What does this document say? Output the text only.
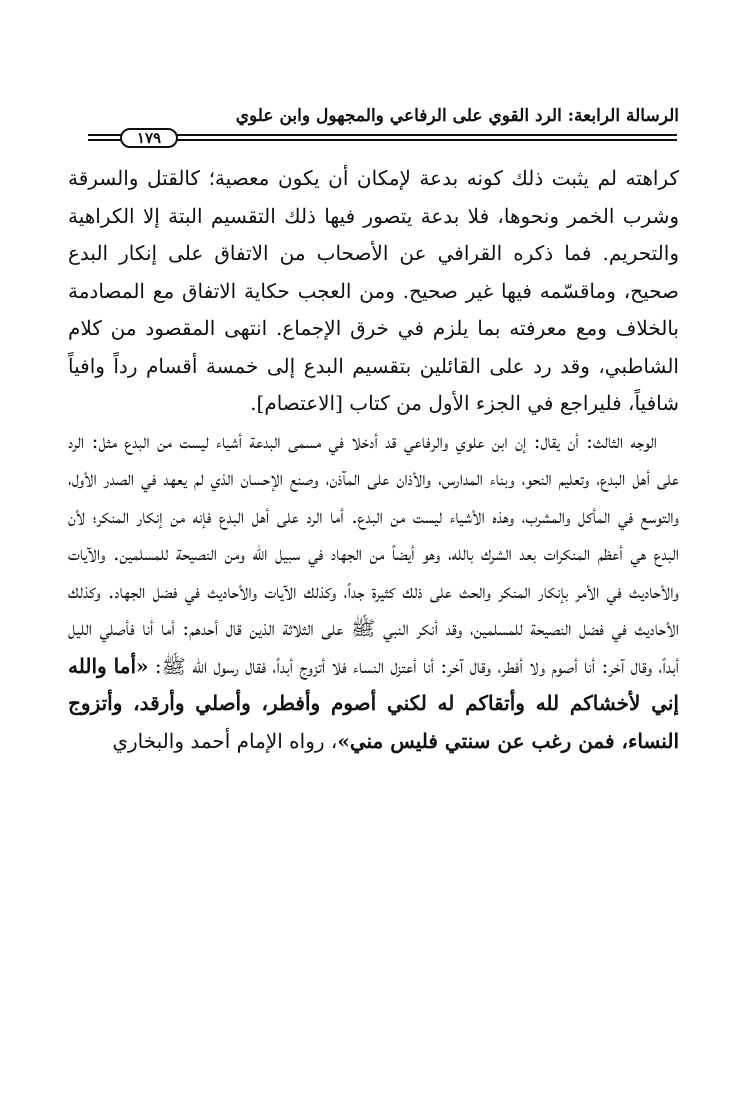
الرسالة الرابعة: الرد القوي على الرفاعي والمجهول وابن علوي
١٧٩

كراهته لم يثبت ذلك كونه بدعة لإمكان أن يكون معصية؛ كالقتل والسرقة وشرب الخمر ونحوها، فلا بدعة يتصور فيها ذلك التقسيم البتة إلا الكراهية والتحريم. فما ذكره القرافي عن الأصحاب من الاتفاق على إنكار البدع صحيح، وماقسّمه فيها غير صحيح. ومن العجب حكاية الاتفاق مع المصادمة بالخلاف ومع معرفته بما يلزم في خرق الإجماع. انتهى المقصود من كلام الشاطبي، وقد رد على القائلين بتقسيم البدع إلى خمسة أقسام رداً وافياً شافياً، فليراجع في الجزء الأول من كتاب [الاعتصام].

الوجه الثالث: أن يقال: إن ابن علوي والرفاعي قد أدخلا في مسمى البدعة أشياء ليست من البدع مثل: الرد على أهل البدع، وتعليم النحو، وبناء المدارس، والأذان على المآذن، وصنع الإحسان الذي لم يعهد في الصدر الأول، والتوسع في المأكل والمشرب، وهذه الأشياء ليست من البدع. أما الرد على أهل البدع فإنه من إنكار المنكر؛ لأن البدع هي أعظم المنكرات بعد الشرك بالله، وهو أيضاً من الجهاد في سبيل الله ومن النصيحة للمسلمين. والآيات والأحاديث في الأمر بإنكار المنكر والحث على ذلك كثيرة جداً، وكذلك الآيات والأحاديث في فضل الجهاد. وكذلك الأحاديث في فضل النصيحة للمسلمين، وقد أنكر النبي ﷺ على الثلاثة الذين قال أحدهم: أما أنا فأصلي الليل أبداً، وقال آخر: أنا أصوم ولا أفطر، وقال آخر: أنا أعتزل النساء فلا أتزوج أبداً، فقال رسول الله ﷺ: «أما والله إني لأخشاكم لله وأتقاكم له لكني أصوم وأفطر، وأصلي وأرقد، وأتزوج النساء، فمن رغب عن سنتي فليس مني»، رواه الإمام أحمد والبخاري
